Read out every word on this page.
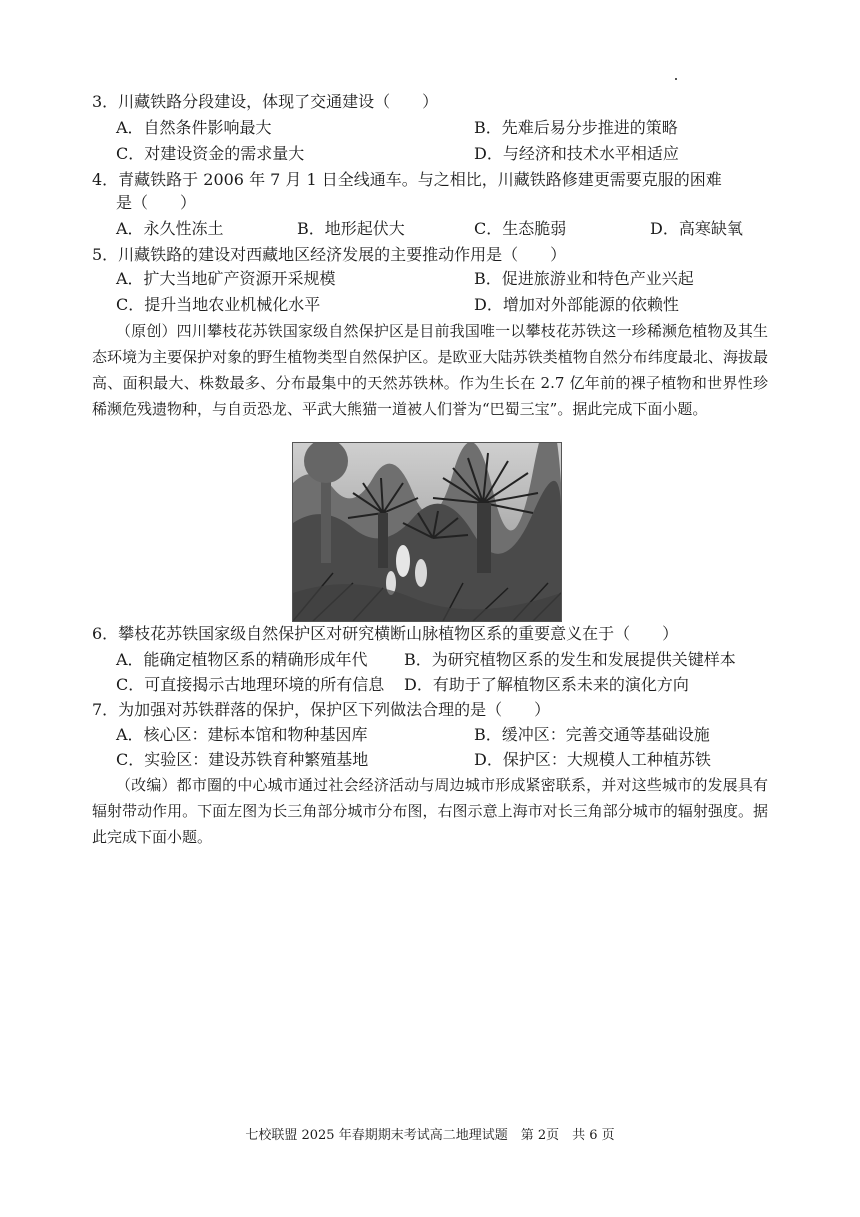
3．川藏铁路分段建设，体现了交通建设（　　）
A．自然条件影响最大	B．先难后易分步推进的策略
C．对建设资金的需求量大	D．与经济和技术水平相适应
4．青藏铁路于 2006 年 7 月 1 日全线通车。与之相比，川藏铁路修建更需要克服的困难
是（　　）
A．永久性冻土	B．地形起伏大	C．生态脆弱	D．高寒缺氧
5．川藏铁路的建设对西藏地区经济发展的主要推动作用是（　　）
A．扩大当地矿产资源开采规模	B．促进旅游业和特色产业兴起
C．提升当地农业机械化水平	D．增加对外部能源的依赖性
（原创）四川攀枝花苏铁国家级自然保护区是目前我国唯一以攀枝花苏铁这一珍稀濒危植物及其生态环境为主要保护对象的野生植物类型自然保护区。是欧亚大陆苏铁类植物自然分布纬度最北、海拔最高、面积最大、株数最多、分布最集中的天然苏铁林。作为生长在 2.7 亿年前的裸子植物和世界性珍稀濒危残遗物种，与自贡恐龙、平武大熊猫一道被人们誉为“巴蜀三宝”。据此完成下面小题。
6．攀枝花苏铁国家级自然保护区对研究横断山脉植物区系的重要意义在于（　　）
A．能确定植物区系的精确形成年代 B．为研究植物区系的发生和发展提供关键样本
C．可直接揭示古地理环境的所有信息 D．有助于了解植物区系未来的演化方向
7．为加强对苏铁群落的保护，保护区下列做法合理的是（　　）
A．核心区：建标本馆和物种基因库	B．缓冲区：完善交通等基础设施
C．实验区：建设苏铁育种繁殖基地	D．保护区：大规模人工种植苏铁
（改编）都市圈的中心城市通过社会经济活动与周边城市形成紧密联系，并对这些城市的发展具有辐射带动作用。下面左图为长三角部分城市分布图，右图示意上海市对长三角部分城市的辐射强度。据此完成下面小题。
七校联盟 2025 年春期期末考试高二地理试题　第 2页　共 6 页
